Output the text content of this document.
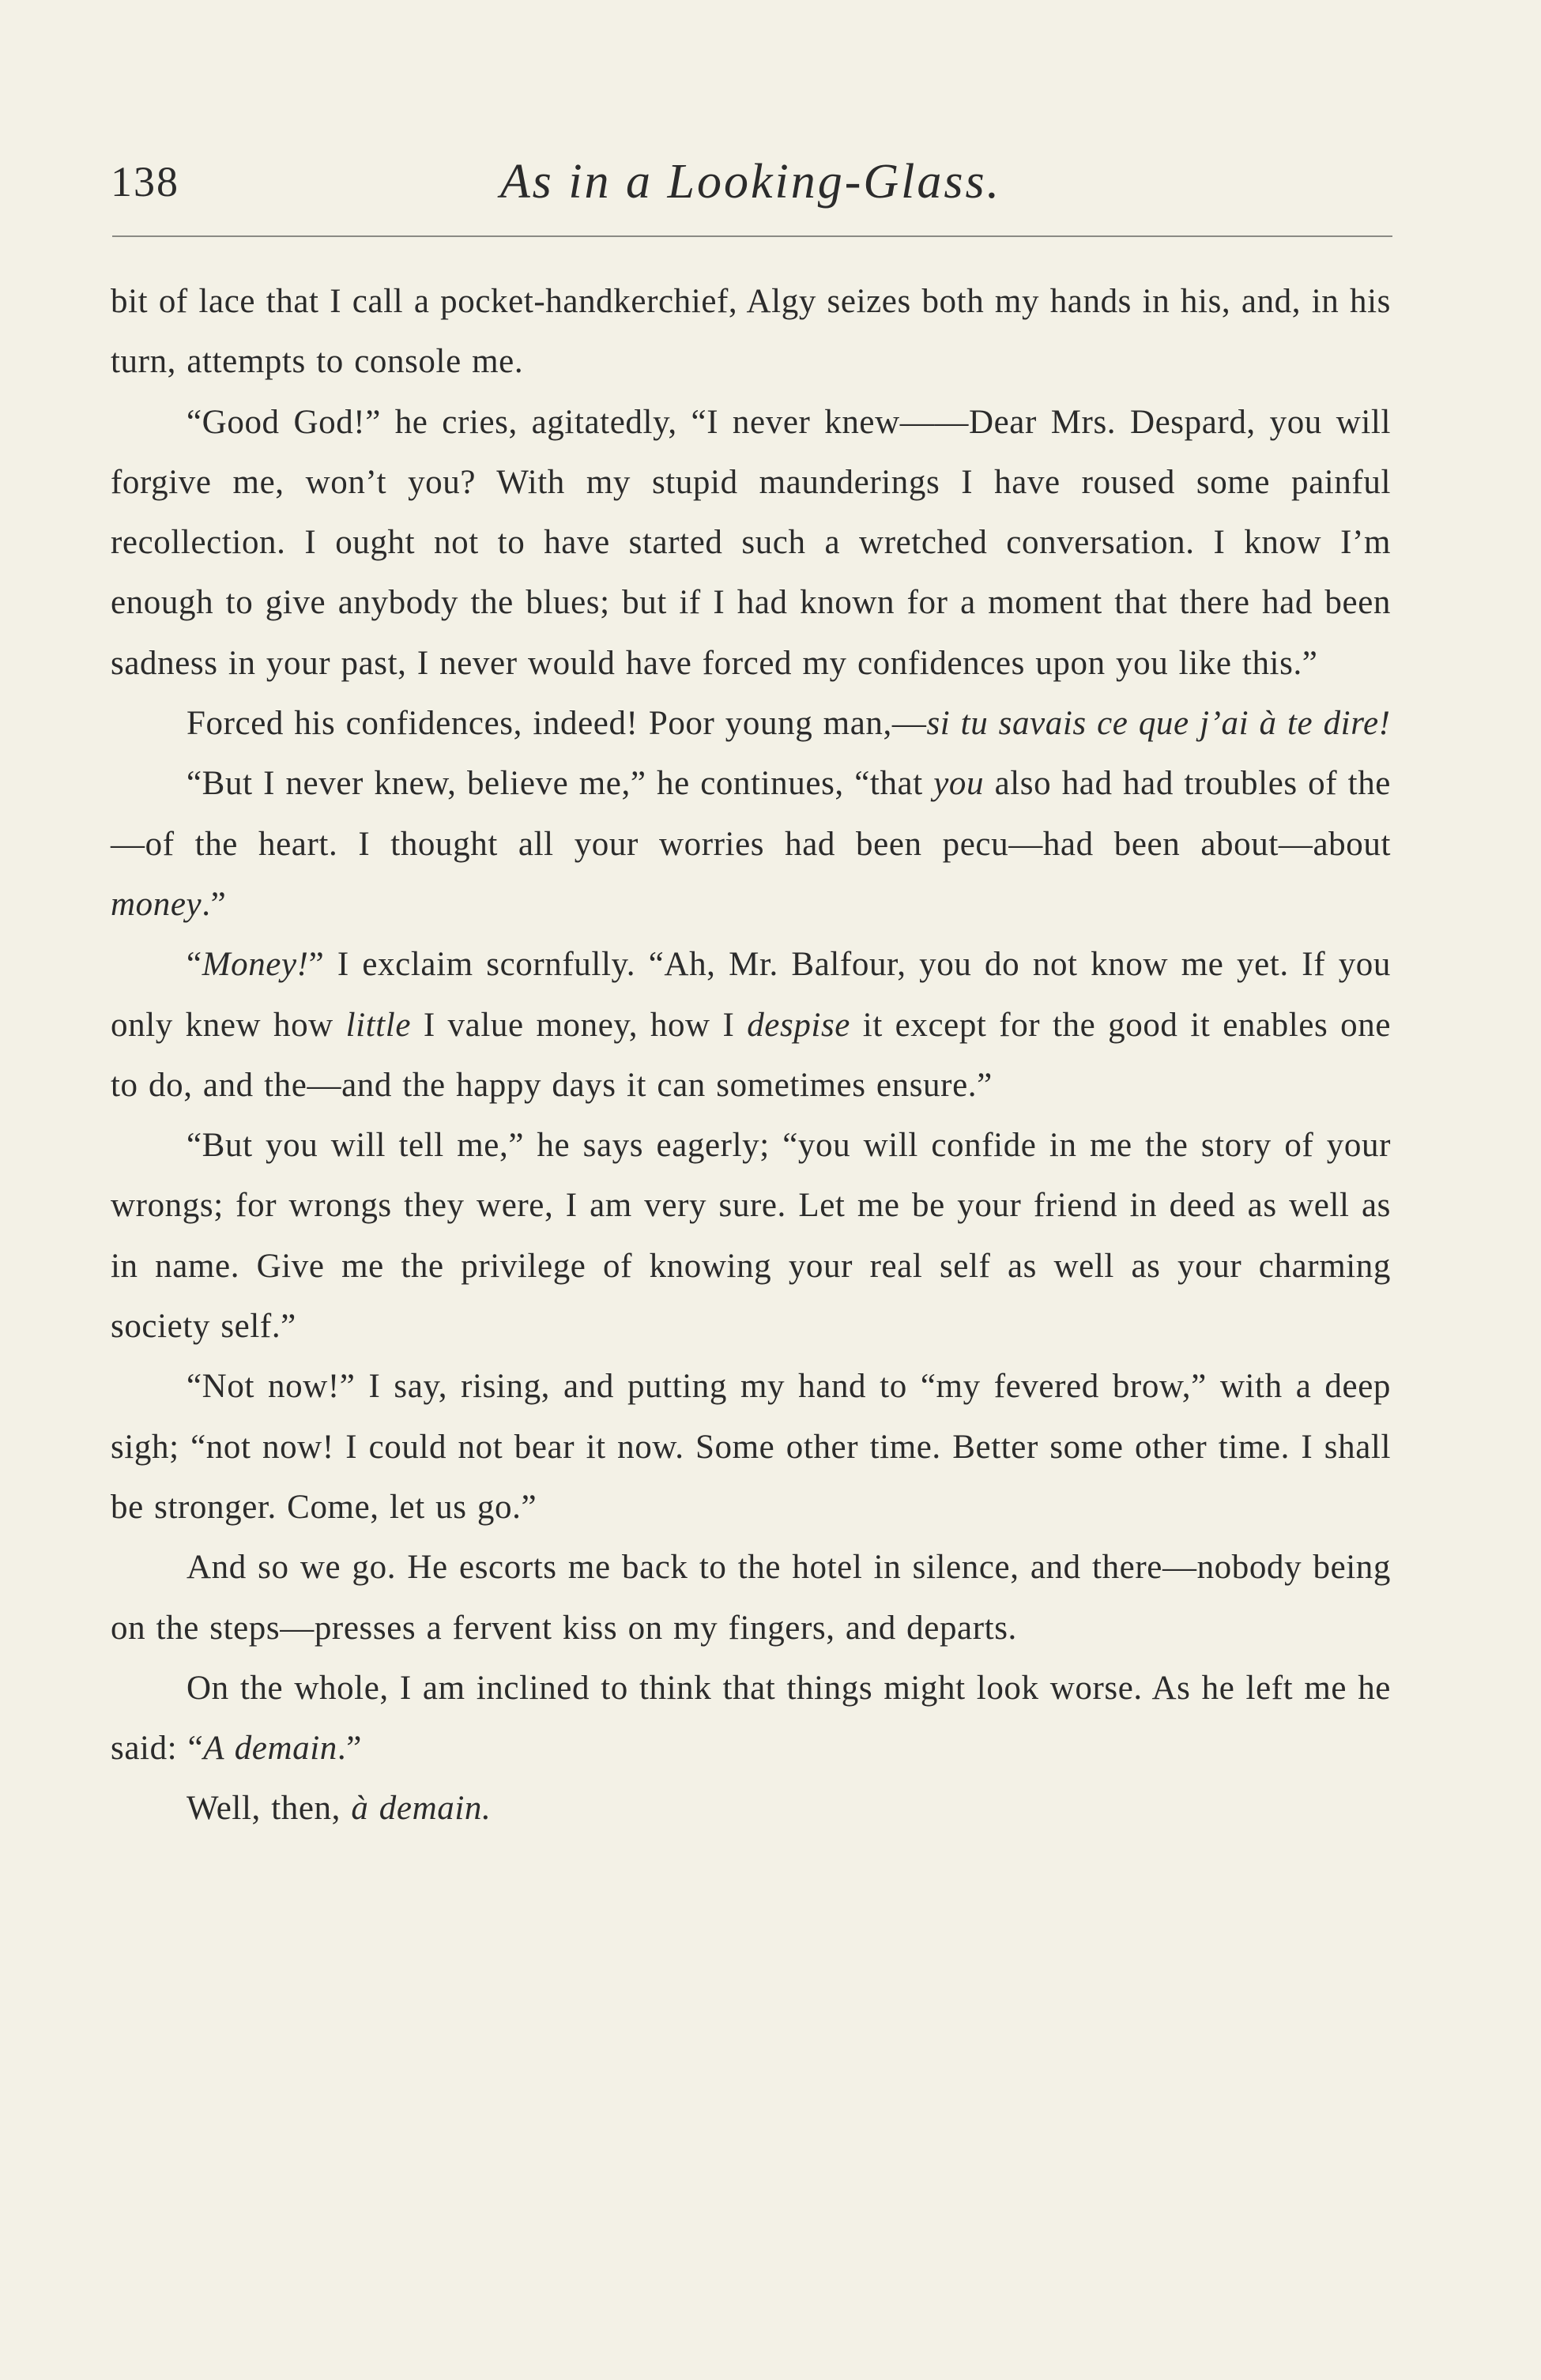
138	As in a Looking-Glass.

bit of lace that I call a pocket-handkerchief, Algy seizes both my hands in his, and, in his turn, attempts to console me.

“Good God!” he cries, agitatedly, “I never knew——Dear Mrs. Despard, you will forgive me, won’t you? With my stupid maunderings I have roused some painful recollection. I ought not to have started such a wretched conversation. I know I’m enough to give anybody the blues; but if I had known for a moment that there had been sadness in your past, I never would have forced my confidences upon you like this.”

Forced his confidences, indeed! Poor young man,—si tu savais ce que j’ai à te dire!

“But I never knew, believe me,” he continues, “that you also had had troubles of the—of the heart. I thought all your worries had been pecu—had been about—about money.”

“Money!” I exclaim scornfully. “Ah, Mr. Balfour, you do not know me yet. If you only knew how little I value money, how I despise it except for the good it enables one to do, and the—and the happy days it can sometimes ensure.”

“But you will tell me,” he says eagerly; “you will confide in me the story of your wrongs; for wrongs they were, I am very sure. Let me be your friend in deed as well as in name. Give me the privilege of knowing your real self as well as your charming society self.”

“Not now!” I say, rising, and putting my hand to “my fevered brow,” with a deep sigh; “not now! I could not bear it now. Some other time. Better some other time. I shall be stronger. Come, let us go.”

And so we go. He escorts me back to the hotel in silence, and there—nobody being on the steps—presses a fervent kiss on my fingers, and departs.

On the whole, I am inclined to think that things might look worse. As he left me he said: “A demain.”

Well, then, à demain.
